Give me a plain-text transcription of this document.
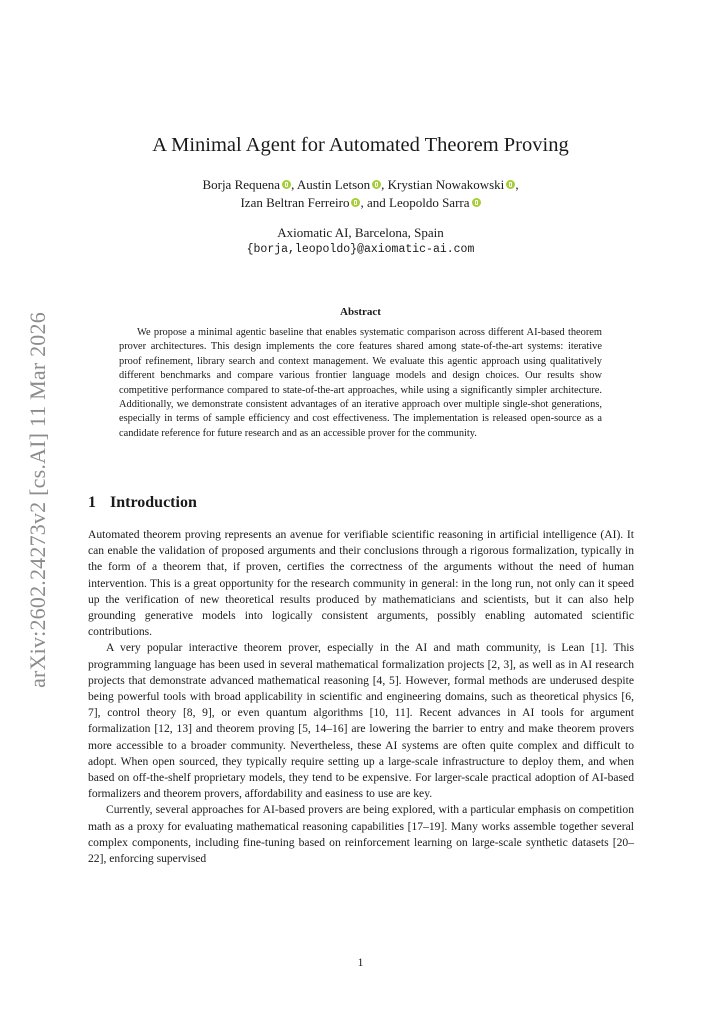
arXiv:2602.24273v2 [cs.AI] 11 Mar 2026
A Minimal Agent for Automated Theorem Proving
Borja Requena , Austin Letson , Krystian Nowakowski ,
Izan Beltran Ferreiro , and Leopoldo Sarra
Axiomatic AI, Barcelona, Spain
{borja,leopoldo}@axiomatic-ai.com
Abstract

We propose a minimal agentic baseline that enables systematic comparison across different AI-based theorem prover architectures. This design implements the core features shared among state-of-the-art systems: iterative proof refinement, library search and context management. We evaluate this agentic approach using qualitatively different benchmarks and compare various frontier language models and design choices. Our results show competitive performance compared to state-of-the-art approaches, while using a significantly simpler architecture. Additionally, we demonstrate consistent advantages of an iterative approach over multiple single-shot generations, especially in terms of sample efficiency and cost effectiveness. The implementation is released open-source as a candidate reference for future research and as an accessible prover for the community.

1 Introduction

Automated theorem proving represents an avenue for verifiable scientific reasoning in artificial intelligence (AI). It can enable the validation of proposed arguments and their conclusions through a rigorous formalization, typically in the form of a theorem that, if proven, certifies the correctness of the arguments without the need of human intervention. This is a great opportunity for the research community in general: in the long run, not only can it speed up the verification of new theoretical results produced by mathematicians and scientists, but it can also help grounding generative models into logically consistent arguments, possibly enabling automated scientific contributions.

A very popular interactive theorem prover, especially in the AI and math community, is Lean [1]. This programming language has been used in several mathematical formalization projects [2, 3], as well as in AI research projects that demonstrate advanced mathematical reasoning [4, 5]. However, formal methods are underused despite being powerful tools with broad applicability in scientific and engineering domains, such as theoretical physics [6, 7], control theory [8, 9], or even quantum algorithms [10, 11]. Recent advances in AI tools for argument formalization [12, 13] and theorem proving [5, 14–16] are lowering the barrier to entry and make theorem provers more accessible to a broader community. Nevertheless, these AI systems are often quite complex and difficult to adopt. When open sourced, they typically require setting up a large-scale infrastructure to deploy them, and when based on off-the-shelf proprietary models, they tend to be expensive. For larger-scale practical adoption of AI-based formalizers and theorem provers, affordability and easiness to use are key.

Currently, several approaches for AI-based provers are being explored, with a particular emphasis on competition math as a proxy for evaluating mathematical reasoning capabilities [17–19]. Many works assemble together several complex components, including fine-tuning based on reinforcement learning on large-scale synthetic datasets [20–22], enforcing supervised

1
